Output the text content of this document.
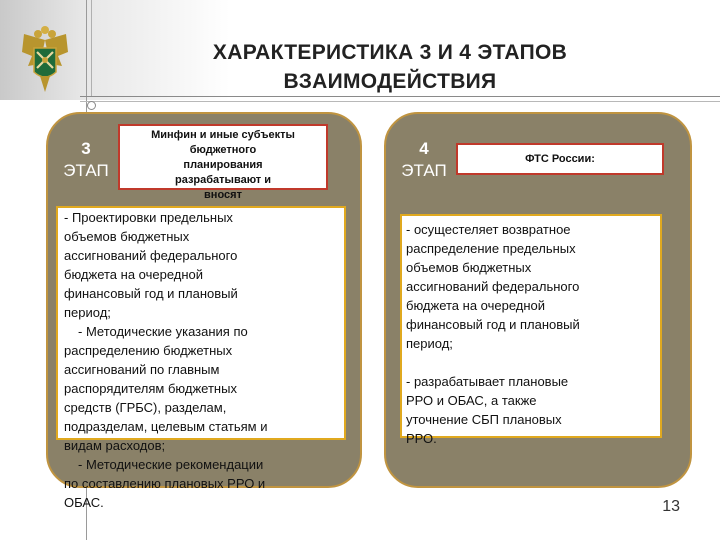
ХАРАКТЕРИСТИКА 3 И 4 ЭТАПОВ
ВЗАИМОДЕЙСТВИЯ
3
ЭТАП
Минфин и иные субъекты
бюджетного
планирования
разрабатывают и
вносят
- Проектировки предельных
объемов бюджетных
ассигнований федерального
бюджета на очередной
финансовый год и плановый
период;
- Методические указания по
распределению бюджетных
ассигнований по главным
распорядителям бюджетных
средств (ГРБС), разделам,
подразделам, целевым статьям и
видам расходов;
- Методические рекомендации
по составлению плановых РРО и
ОБАС.
4
ЭТАП
ФТС России:
- осущестеляет возвратное
распределение предельных
объемов бюджетных
ассигнований федерального
бюджета на очередной
финансовый год и плановый
период;
- разрабатывает плановые
РРО и ОБАС, а также
уточнение СБП плановых
РРО.
13
